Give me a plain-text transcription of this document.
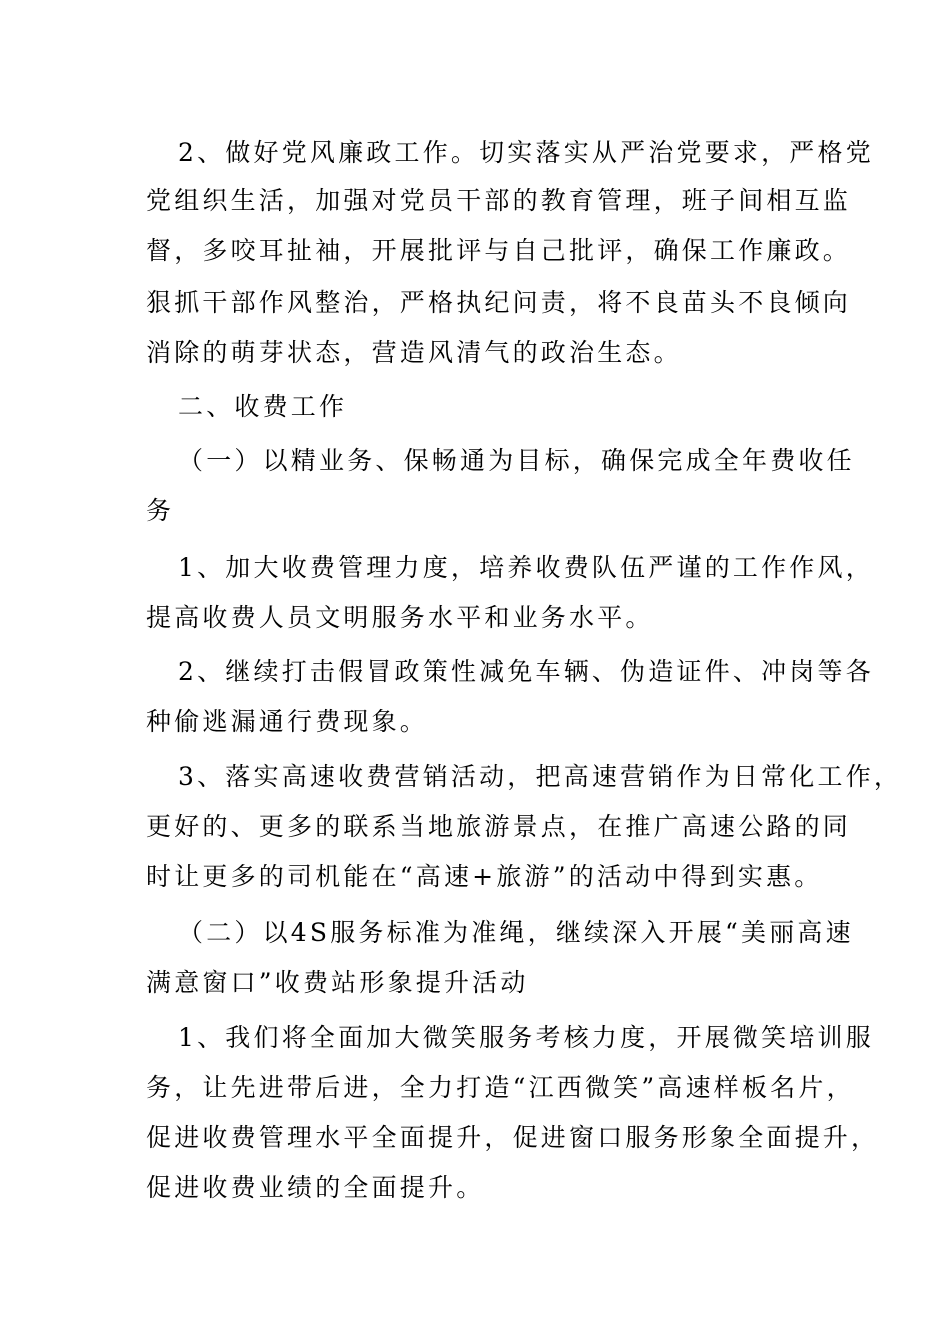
2、做好党风廉政工作。切实落实从严治党要求，严格党
党组织生活，加强对党员干部的教育管理，班子间相互监
督，多咬耳扯袖，开展批评与自己批评，确保工作廉政。
狠抓干部作风整治，严格执纪问责，将不良苗头不良倾向
消除的萌芽状态，营造风清气的政治生态。
二、收费工作
（一）以精业务、保畅通为目标，确保完成全年费收任
务
1、加大收费管理力度，培养收费队伍严谨的工作作风，
提高收费人员文明服务水平和业务水平。
2、继续打击假冒政策性减免车辆、伪造证件、冲岗等各
种偷逃漏通行费现象。
3、落实高速收费营销活动，把高速营销作为日常化工作，
更好的、更多的联系当地旅游景点，在推广高速公路的同
时让更多的司机能在“高速+旅游”的活动中得到实惠。
（二）以4S服务标准为准绳，继续深入开展“美丽高速
满意窗口”收费站形象提升活动
1、我们将全面加大微笑服务考核力度，开展微笑培训服
务，让先进带后进，全力打造“江西微笑”高速样板名片，
促进收费管理水平全面提升，促进窗口服务形象全面提升，
促进收费业绩的全面提升。
